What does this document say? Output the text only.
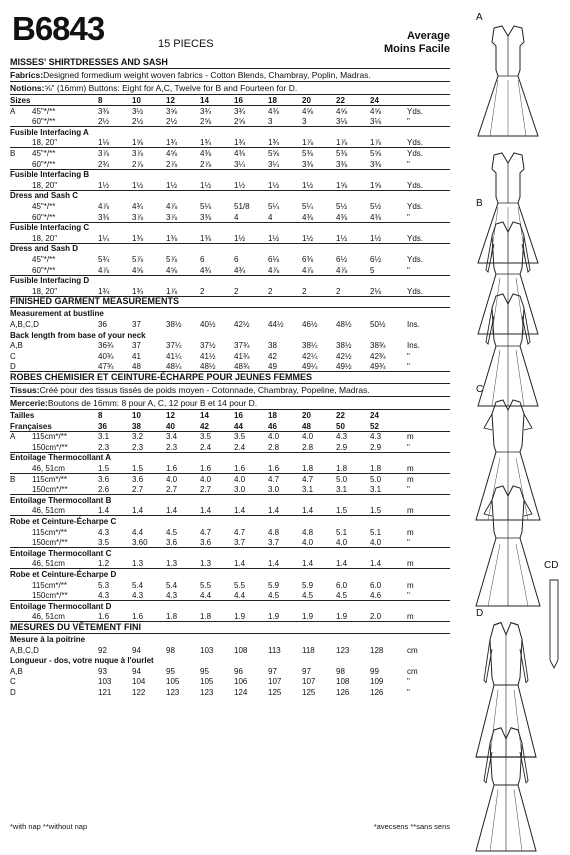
B6843	15 PIECES
Average
Moins Facile
MISSES' SHIRTDRESSES AND SASH
Fabrics:Designed formedium weight woven fabrics - Cotton Blends, Chambray, Poplin, Madras.
Notions:⅝" (16mm) Buttons: Eight for A,C, Twelve for B and Fourteen for D.
Sizes	8	10	12	14	16	18	20	22	24
A 45"*/**	3⅜	3½	3⅝	3¾	3¾	4⅜	4⅝	4⅝	4⅝	Yds.
60"*/**	2½	2½	2½	2⅝	2⅝	3	3	3⅛	3⅛	"
Fusible Interfacing A
18, 20"	1⅛	1⅝	1¾	1¾	1¾	1¾	1⅞	1⅞	1⅞	Yds.
B 45"*/**	3⅞	3⅞	4⅝	4⅜	4⅜	5⅝	5⅜	5⅜	5⅝	Yds.
60"*/**	2¾	2⅞	2⅞	2⅞	3¼	3¼	3⅜	3⅜	3⅜	"
Fusible Interfacing B
18, 20"	1½	1½	1½	1½	1½	1½	1½	1⅝	1⅝	Yds.
Dress and Sash C
45"*/**	4⅞	4¾	4⅞	5⅛	51/8 5¼	5¼	5½	5½	Yds.
60"*/**	3⅜	3⅞	3⅞	3⅜	4	4	4⅜	4⅜	4⅜	"
Fusible Interfacing C
18, 20"	1¼	1⅜	1⅜	1⅜	1½	1½	1½	1½	1½	Yds.
Dress and Sash D
45"*/**	5¾	5⅞	5⅞	6	6	6⅛	6⅜	6½	6½	Yds.
60"*/**	4⅞	4⅝	4⅝	4¾	4¾	4⅞	4⅞	4⅞	5	"
Fusible Interfacing D
18, 20"	1¾	1¾	1⅞	2	2	2	2	2	2⅛	Yds.
FINISHED GARMENT MEASUREMENTS
Measurement at bustline
A,B,C,D	36	37	38½ 40½ 42½ 44½ 46½ 48½ 50½	Ins.
Back length from base of your neck
A,B	36¾ 37	37¼ 37½ 37¾ 38	38¼ 38½ 38¾	Ins.
C	40¾ 41	41¼ 41½ 41¾ 42	42¼ 42½ 42¾	"
D	47¾ 48	48¼ 48½ 48¾ 49	49¼ 49½ 49¾	"
ROBES CHEMISIER ET CEINTURE-ÉCHARPE POUR JEUNES FEMMES
Tissus:Créé pour des tissus tissés de poids moyen - Cotonnade, Chambray, Popeline, Madras.
Mercerie:Boutons de 16mm: 8 pour A, C, 12 pour B et 14 pour D.
Tailles	8	10	12	14	16	18	20	22	24
Françaises	36	38	40	42	44	46	48	50	52
A 115cm*/**	3.1	3.2	3.4	3.5	3.5	4.0	4.0	4.3	4.3	m
150cm*/**	2.3	2.3	2.3	2.4	2.4	2.8	2.8	2.9	2.9	"
Entoilage Thermocollant A
46, 51cm	1.5	1.5	1.6	1.6	1.6	1.6	1.8	1.8	1.8	m
B 115cm*/**	3.6	3.6	4.0	4.0	4.0	4.7	4.7	5.0	5.0	m
150cm*/**	2.6	2.7	2.7	2.7	3.0	3.0	3.1	3.1	3.1	"
Entoilage Thermocollant B
46, 51cm	1.4	1.4	1.4	1.4	1.4	1.4	1.4	1.5	1.5	m
Robe et Ceinture-Écharpe C
115cm*/**	4.3	4.4	4.5	4.7	4.7	4.8	4.8	5.1	5.1	m
150cm*/**	3.5	3.60 3.6	3.6	3.7	3.7	4.0	4.0	4.0	"
Entoilage Thermocollant C
46, 51cm	1.2	1.3	1.3	1.3	1.4	1.4	1.4	1.4	1.4	m
Robe et Ceinture-Écharpe D
115cm*/**	5.3	5.4	5.4	5.5	5.5	5.9	5.9	6.0	6.0	m
150cm*/**	4.3	4.3	4.3	4.4	4.4	4.5	4.5	4.5	4.6	"
Entoilage Thermocollant D
46, 51cm	1.6	1.6	1.8	1.8	1.9	1.9	1.9	1.9	2.0	m
MESURES DU VÊTEMENT FINI
Mesure à la poitrine
A,B,C,D	92	94	98	103	108	113	118	123	128	cm
Longueur - dos, votre nuque à l'ourlet
A,B	93	94	95	95	96	97	97	98	99	cm
C	103	104	105	105	106	107	107	108	109	"
D	121	122	123	123	124	125	125	126	126	"
*with nap **without nap	*avecsens **sans sens
A
B
C
CD
D
